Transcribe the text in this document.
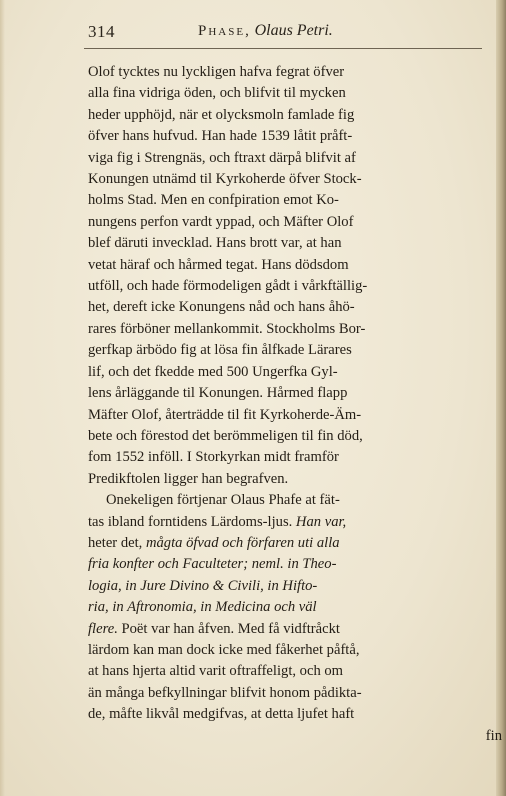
314	Phase, Olaus Petri.
Olof tycktes nu lyckligen hafva fegrat öfver
alla fina vidriga öden, och blifvit til mycken
heder upphöjd, när et olycksmoln famlade fig
öfver hans hufvud. Han hade 1539 låtit pråft-
viga fig i Strengnäs, och ftraxt därpå blifvit af
Konungen utnämd til Kyrkoherde öfver Stock-
holms Stad. Men en confpiration emot Ko-
nungens perfon vardt yppad, och Mäfter Olof
blef däruti invecklad. Hans brott var, at han
vetat häraf och hårmed tegat. Hans dödsdom
utföll, och hade förmodeligen gådt i vårkftällig-
het, dereft icke Konungens nåd och hans åhö-
rares förböner mellankommit. Stockholms Bor-
gerfkap ärbödo fig at lösa fin ålfkade Lärares
lif, och det fkedde med 500 Ungerfka Gyl-
lens årläggande til Konungen. Hårmed flapp
Mäfter Olof, återträdde til fit Kyrkoherde-Äm-
bete och förestod det berömmeligen til fin död,
fom 1552 inföll. I Storkyrkan midt framför
Predikftolen ligger han begrafven.
Onekeligen förtjenar Olaus Phafe at fät-
tas ibland forntidens Lärdoms-ljus. Han var,
heter det, mågta öfvad och förfaren uti alla
fria konfter och Faculteter; neml. in Theo-
logia, in Jure Divino & Civili, in Hifto-
ria, in Aftronomia, in Medicina och väl
flere. Poët var han åfven. Med få vidftråckt
lärdom kan man dock icke med fåkerhet påftå,
at hans hjerta altid varit oftraffeligt, och om
än många befkyllningar blifvit honom pådikta-
de, måfte likvål medgifvas, at detta ljufet haft
fin
